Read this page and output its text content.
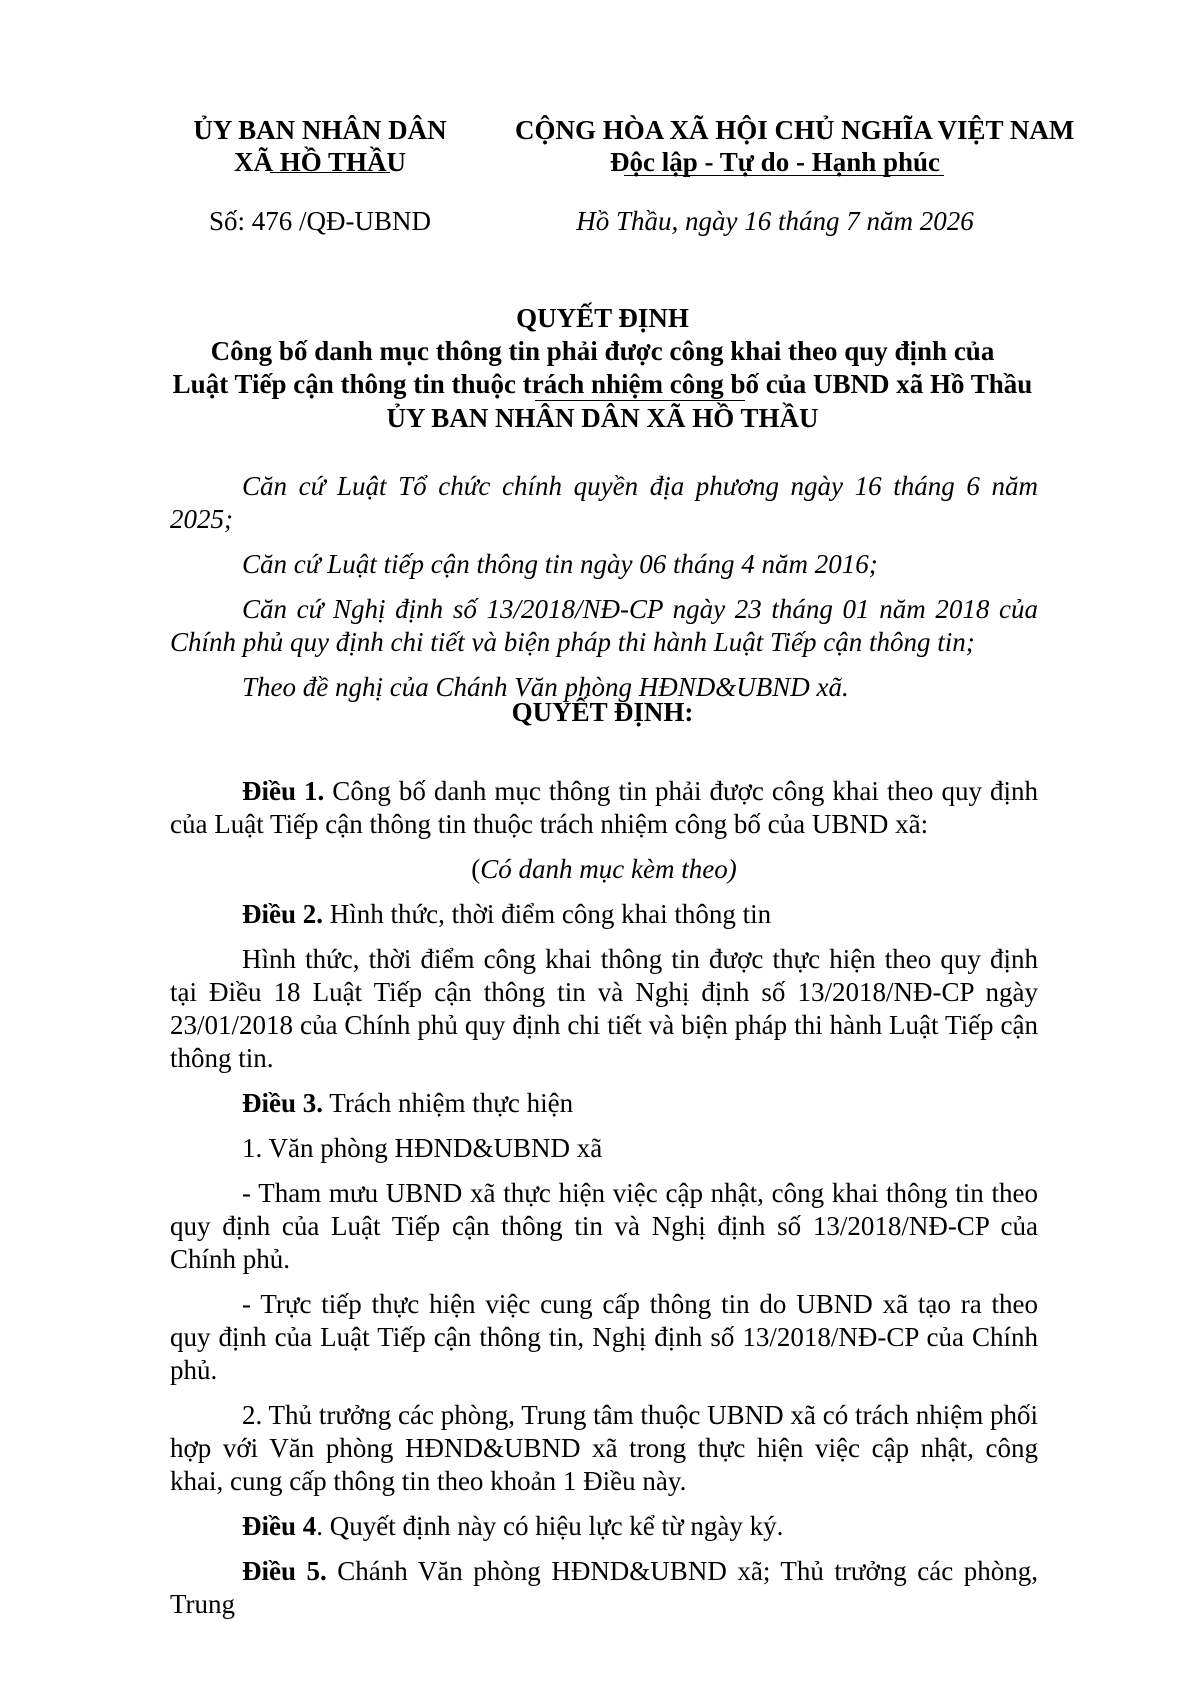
ỦY BAN NHÂN DÂN
XÃ HỒ THẦU
CỘNG HÒA XÃ HỘI CHỦ NGHĨA VIỆT NAM
Độc lập - Tự do - Hạnh phúc
Số: 476 /QĐ-UBND	Hồ Thầu, ngày 16 tháng 7 năm 2026
QUYẾT ĐỊNH
Công bố danh mục thông tin phải được công khai theo quy định của
Luật Tiếp cận thông tin thuộc trách nhiệm công bố của UBND xã Hồ Thầu
ỦY BAN NHÂN DÂN XÃ HỒ THẦU

Căn cứ Luật Tổ chức chính quyền địa phương ngày 16 tháng 6 năm 2025;

Căn cứ Luật tiếp cận thông tin ngày 06 tháng 4 năm 2016;

Căn cứ Nghị định số 13/2018/NĐ-CP ngày 23 tháng 01 năm 2018 của Chính phủ quy định chi tiết và biện pháp thi hành Luật Tiếp cận thông tin;

Theo đề nghị của Chánh Văn phòng HĐND&UBND xã.

QUYẾT ĐỊNH:

Điều 1. Công bố danh mục thông tin phải được công khai theo quy định của Luật Tiếp cận thông tin thuộc trách nhiệm công bố của UBND xã:

(Có danh mục kèm theo)

Điều 2. Hình thức, thời điểm công khai thông tin

Hình thức, thời điểm công khai thông tin được thực hiện theo quy định tại Điều 18 Luật Tiếp cận thông tin và Nghị định số 13/2018/NĐ-CP ngày 23/01/2018 của Chính phủ quy định chi tiết và biện pháp thi hành Luật Tiếp cận thông tin.

Điều 3. Trách nhiệm thực hiện

1. Văn phòng HĐND&UBND xã

- Tham mưu UBND xã thực hiện việc cập nhật, công khai thông tin theo quy định của Luật Tiếp cận thông tin và Nghị định số 13/2018/NĐ-CP của Chính phủ.

- Trực tiếp thực hiện việc cung cấp thông tin do UBND xã tạo ra theo quy định của Luật Tiếp cận thông tin, Nghị định số 13/2018/NĐ-CP của Chính phủ.

2. Thủ trưởng các phòng, Trung tâm thuộc UBND xã có trách nhiệm phối hợp với Văn phòng HĐND&UBND xã trong thực hiện việc cập nhật, công khai, cung cấp thông tin theo khoản 1 Điều này.

Điều 4. Quyết định này có hiệu lực kể từ ngày ký.

Điều 5. Chánh Văn phòng HĐND&UBND xã; Thủ trưởng các phòng, Trung
